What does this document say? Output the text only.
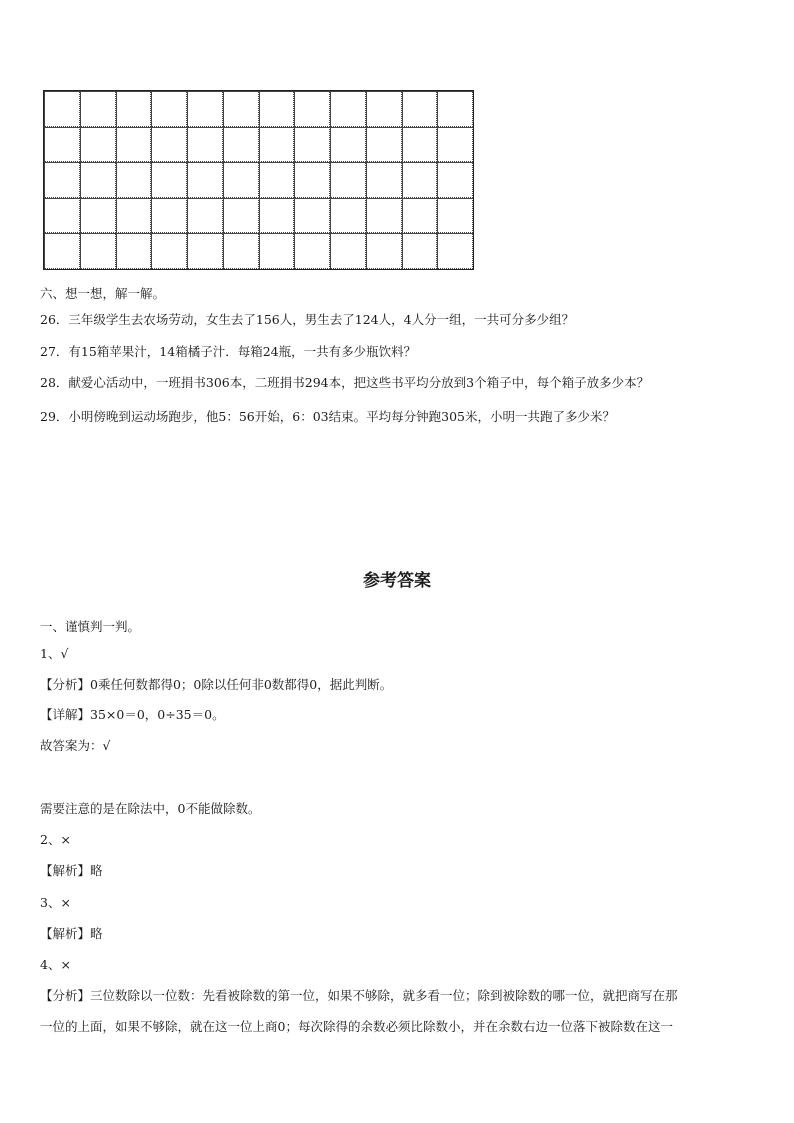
六、想一想，解一解。
26．三年级学生去农场劳动，女生去了156人，男生去了124人，4人分一组，一共可分多少组？
27．有15箱苹果汁，14箱橘子汁．每箱24瓶，一共有多少瓶饮料？
28．献爱心活动中，一班捐书306本，二班捐书294本，把这些书平均分放到3个箱子中，每个箱子放多少本？
29．小明傍晚到运动场跑步，他5：56开始，6：03结束。平均每分钟跑305米，小明一共跑了多少米？
参考答案
一、谨慎判一判。
1、√
【分析】0乘任何数都得0；0除以任何非0数都得0，据此判断。
【详解】35×0＝0，0÷35＝0。
故答案为：√
需要注意的是在除法中，0不能做除数。
2、×
【解析】略
3、×
【解析】略
4、×
【分析】三位数除以一位数：先看被除数的第一位，如果不够除，就多看一位；除到被除数的哪一位，就把商写在那
一位的上面，如果不够除，就在这一位上商0；每次除得的余数必须比除数小，并在余数右边一位落下被除数在这一
